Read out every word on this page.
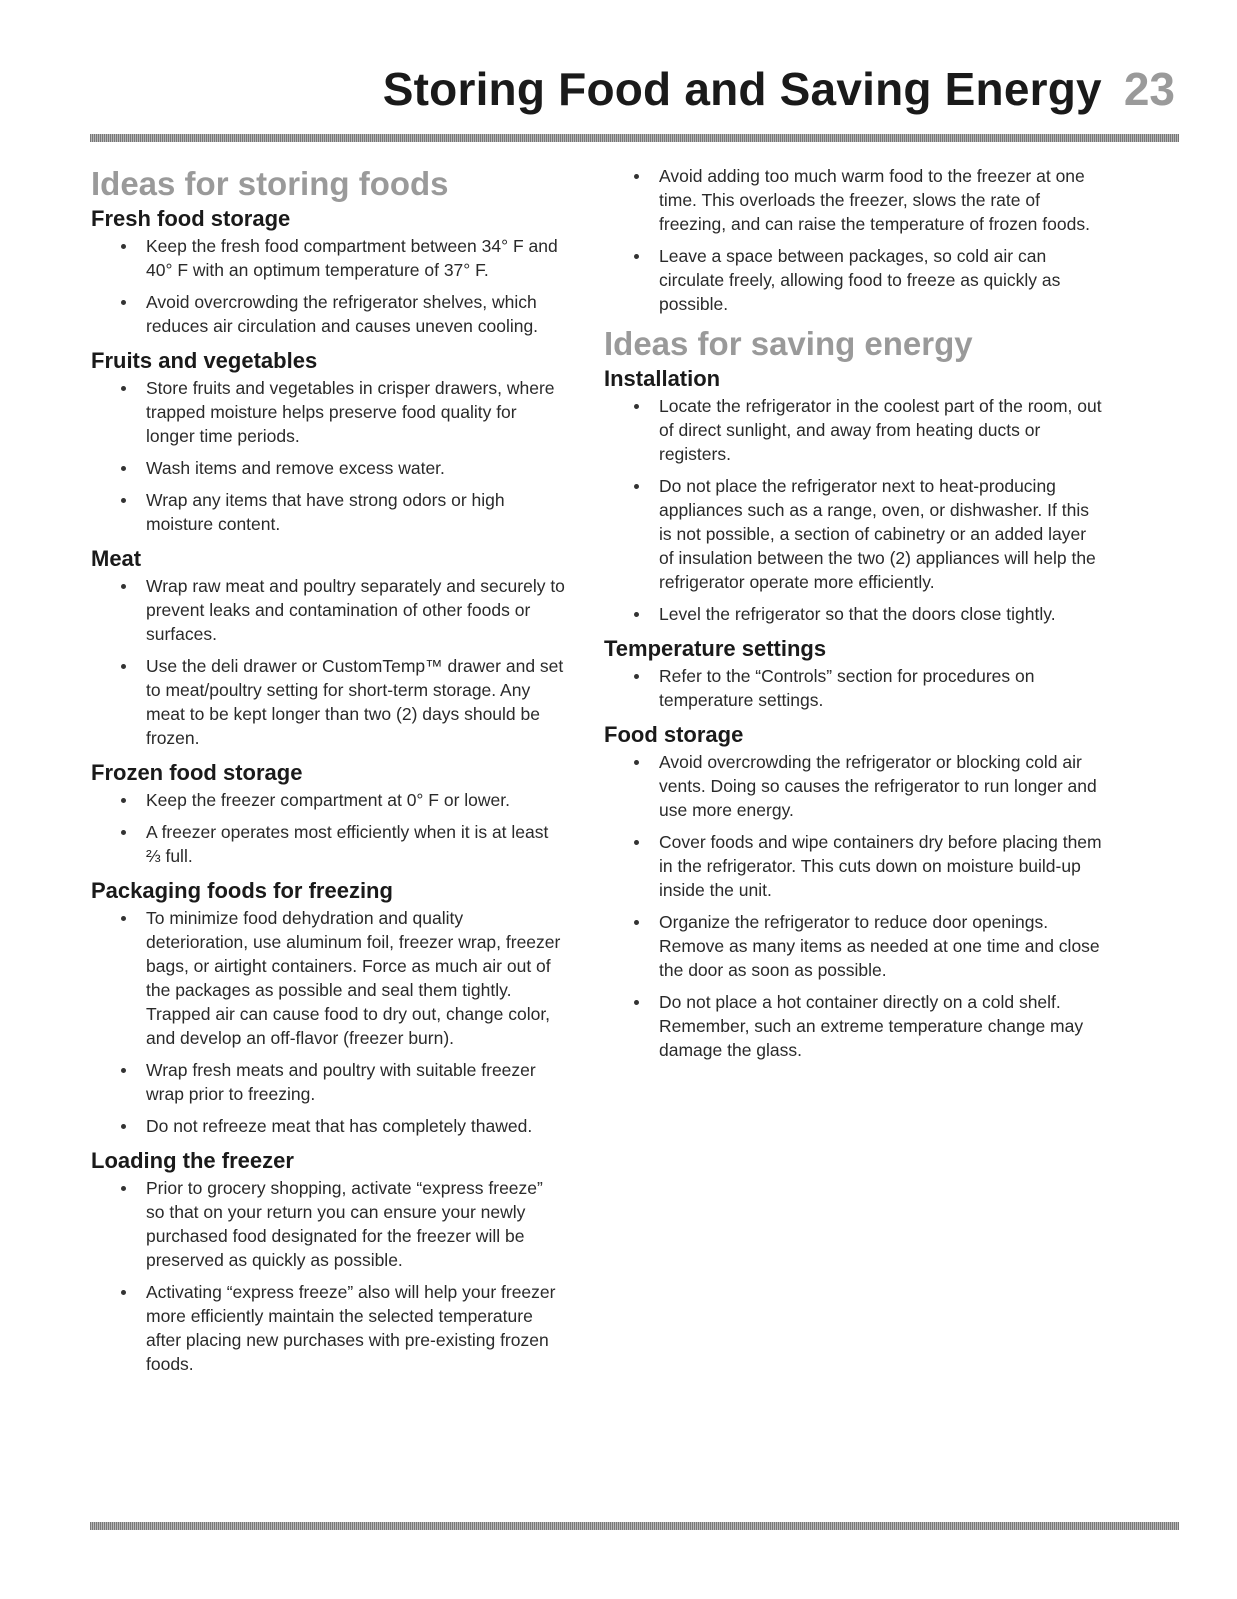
Storing Food and Saving Energy 23
Ideas for storing foods
Fresh food storage
Keep the fresh food compartment between 34° F and 40° F with an optimum temperature of 37° F.
Avoid overcrowding the refrigerator shelves, which reduces air circulation and causes uneven cooling.
Fruits and vegetables
Store fruits and vegetables in crisper drawers, where trapped moisture helps preserve food quality for longer time periods.
Wash items and remove excess water.
Wrap any items that have strong odors or high moisture content.
Meat
Wrap raw meat and poultry separately and securely to prevent leaks and contamination of other foods or surfaces.
Use the deli drawer or CustomTemp™ drawer and set to meat/poultry setting for short-term storage. Any meat to be kept longer than two (2) days should be frozen.
Frozen food storage
Keep the freezer compartment at 0° F or lower.
A freezer operates most efficiently when it is at least ⅔ full.
Packaging foods for freezing
To minimize food dehydration and quality deterioration, use aluminum foil, freezer wrap, freezer bags, or airtight containers. Force as much air out of the packages as possible and seal them tightly. Trapped air can cause food to dry out, change color, and develop an off-flavor (freezer burn).
Wrap fresh meats and poultry with suitable freezer wrap prior to freezing.
Do not refreeze meat that has completely thawed.
Loading the freezer
Prior to grocery shopping, activate “express freeze” so that on your return you can ensure your newly purchased food designated for the freezer will be preserved as quickly as possible.
Activating “express freeze” also will help your freezer more efficiently maintain the selected temperature after placing new purchases with pre-existing frozen foods.
Avoid adding too much warm food to the freezer at one time. This overloads the freezer, slows the rate of freezing, and can raise the temperature of frozen foods.
Leave a space between packages, so cold air can circulate freely, allowing food to freeze as quickly as possible.
Ideas for saving energy
Installation
Locate the refrigerator in the coolest part of the room, out of direct sunlight, and away from heating ducts or registers.
Do not place the refrigerator next to heat-producing appliances such as a range, oven, or dishwasher. If this is not possible, a section of cabinetry or an added layer of insulation between the two (2) appliances will help the refrigerator operate more efficiently.
Level the refrigerator so that the doors close tightly.
Temperature settings
Refer to the “Controls” section for procedures on temperature settings.
Food storage
Avoid overcrowding the refrigerator or blocking cold air vents. Doing so causes the refrigerator to run longer and use more energy.
Cover foods and wipe containers dry before placing them in the refrigerator. This cuts down on moisture build-up inside the unit.
Organize the refrigerator to reduce door openings. Remove as many items as needed at one time and close the door as soon as possible.
Do not place a hot container directly on a cold shelf. Remember, such an extreme temperature change may damage the glass.
